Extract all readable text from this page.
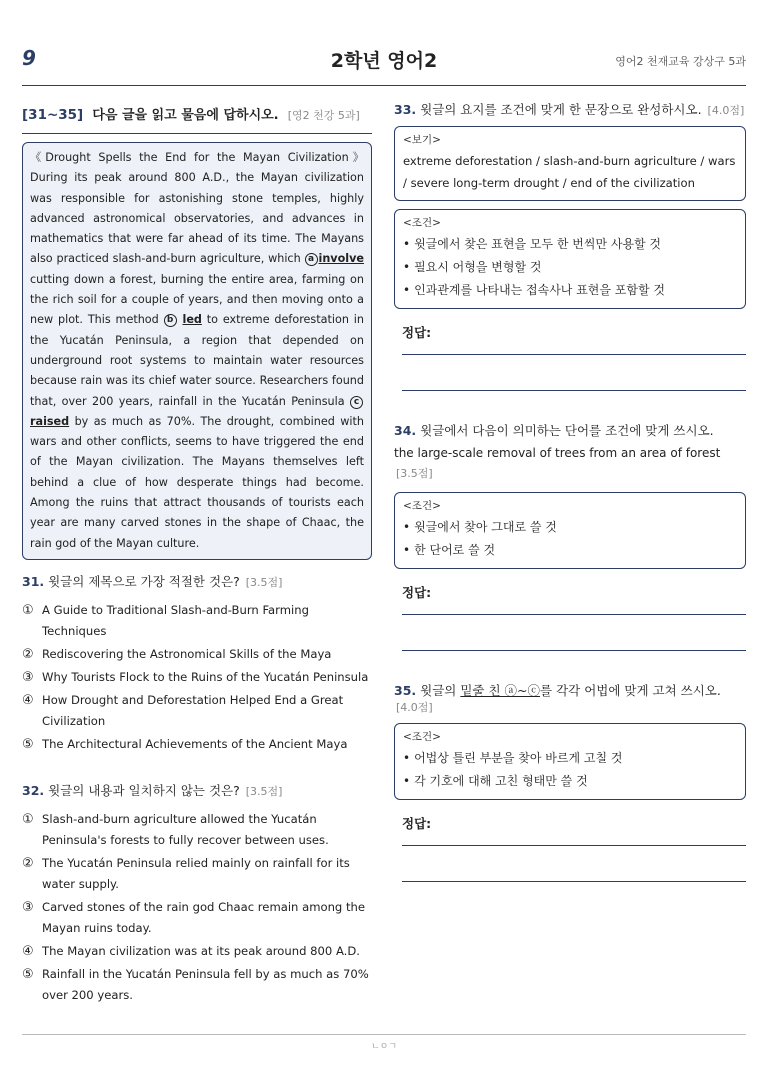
9	2학년 영어2	영어2 천재교육 강상구 5과
[31~35] 다음 글을 읽고 물음에 답하시오. [영2 천강 5과]
《Drought Spells the End for the Mayan Civilization》During its peak around 800 A.D., the Mayan civilization was responsible for astonishing stone temples, highly advanced astronomical observatories, and advances in mathematics that were far ahead of its time. The Mayans also practiced slash-and-burn agriculture, which a involve cutting down a forest, burning the entire area, farming on the rich soil for a couple of years, and then moving onto a new plot. This method b led to extreme deforestation in the Yucatán Peninsula, a region that depended on underground root systems to maintain water resources because rain was its chief water source. Researchers found that, over 200 years, rainfall in the Yucatán Peninsula craised by as much as 70%. The drought, combined with wars and other conflicts, seems to have triggered the end of the Mayan civilization. The Mayans themselves left behind a clue of how desperate things had become. Among the ruins that attract thousands of tourists each year are many carved stones in the shape of Chaac, the rain god of the Mayan culture.
31. 윗글의 제목으로 가장 적절한 것은? [3.5점]
① A Guide to Traditional Slash-and-Burn Farming Techniques
② Rediscovering the Astronomical Skills of the Maya
③ Why Tourists Flock to the Ruins of the Yucatán Peninsula
④ How Drought and Deforestation Helped End a Great Civilization
⑤ The Architectural Achievements of the Ancient Maya
32. 윗글의 내용과 일치하지 않는 것은? [3.5점]
① Slash-and-burn agriculture allowed the Yucatán Peninsula's forests to fully recover between uses.
② The Yucatán Peninsula relied mainly on rainfall for its water supply.
③ Carved stones of the rain god Chaac remain among the Mayan ruins today.
④ The Mayan civilization was at its peak around 800 A.D.
⑤ Rainfall in the Yucatán Peninsula fell by as much as 70% over 200 years.
33. 윗글의 요지를 조건에 맞게 한 문장으로 완성하시오. [4.0점]
<보기>
extreme deforestation / slash-and-burn agriculture / wars / severe long-term drought / end of the civilization
<조건>
• 윗글에서 찾은 표현을 모두 한 번씩만 사용할 것
• 필요시 어형을 변형할 것
• 인과관계를 나타내는 접속사나 표현을 포함할 것
정답:
34. 윗글에서 다음이 의미하는 단어를 조건에 맞게 쓰시오.
the large-scale removal of trees from an area of forest [3.5점]
<조건>
• 윗글에서 찾아 그대로 쓸 것
• 한 단어로 쓸 것
정답:
35. 윗글의 밑줄 친 ⓐ~ⓒ를 각각 어법에 맞게 고쳐 쓰시오. [4.0점]
<조건>
• 어법상 틀린 부분을 찾아 바르게 고칠 것
• 각 기호에 대해 고친 형태만 쓸 것
정답:
ㄴㅇㄱ
